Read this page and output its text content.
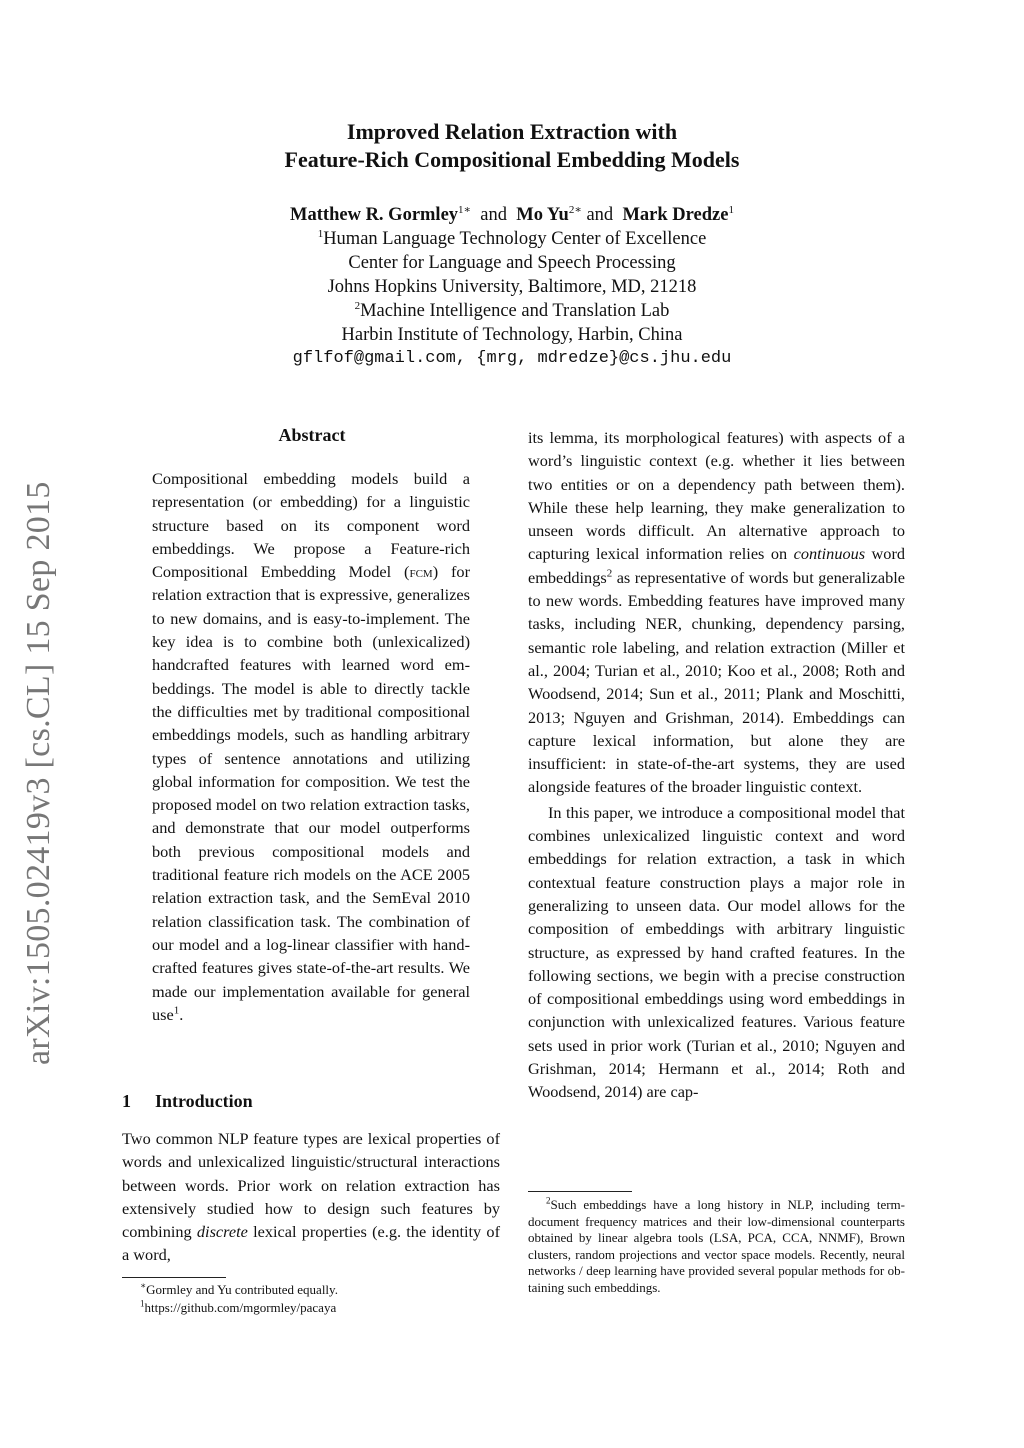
Improved Relation Extraction with
Feature-Rich Compositional Embedding Models
Matthew R. Gormley$^{1∗}$ and Mo $Yu^{2∗}$ and Mark Dredze$^1$
$^1$Human Language Technology Center of Excellence
Center for Language and Speech Processing
Johns Hopkins University, Baltimore, MD, 21218
$^2$Machine Intelligence and Translation Lab
Harbin Institute of Technology, Harbin, China
gflfof@gmail.com, {mrg, mdredze}@cs.jhu.edu
arXiv:1505.02419v3 [cs.CL] 15 Sep 2015
Abstract

Compositional embedding models build a representation (or embedding) for a linguistic structure based on its component word embeddings. We propose a Feature-rich Compositional Embedding Model (fcm) for relation extraction that is expressive, generalizes to new domains, and is easy-to-implement. The key idea is to combine both (unlexicalized) handcrafted features with learned word embeddings. The model is able to directly tackle the difficulties met by traditional compositional embeddings models, such as handling arbitrary types of sentence annotations and utilizing global information for composition. We test the proposed model on two relation extraction tasks, and demonstrate that our model outperforms both previous compositional models and traditional feature rich models on the ACE 2005 relation extraction task, and the SemEval 2010 relation classification task. The combination of our model and a log-linear classifier with hand-crafted features gives state-of-the-art results. We made our implementation available for general use$^1$.

1 Introduction

Two common NLP feature types are lexical properties of words and unlexicalized linguistic/structural interactions between words. Prior work on relation extraction has extensively studied how to design such features by combining discrete lexical properties (e.g. the identity of a word,

∗Gormley and Yu contributed equally.
$^1$https://github.com/mgormley/pacaya

its lemma, its morphological features) with aspects of a word’s linguistic context (e.g. whether it lies between two entities or on a dependency path between them). While these help learning, they make generalization to unseen words difficult. An alternative approach to capturing lexical information relies on continuous word embeddings$^2$ as representative of words but generalizable to new words. Embedding features have improved many tasks, including NER, chunking, dependency parsing, semantic role labeling, and relation extraction (Miller et al., 2004; Turian et al., 2010; Koo et al., 2008; Roth and Woodsend, 2014; Sun et al., 2011; Plank and Moschitti, 2013; Nguyen and Grishman, 2014). Embeddings can capture lexical information, but alone they are insufficient: in state-of-the-art systems, they are used alongside features of the broader linguistic context.

In this paper, we introduce a compositional model that combines unlexicalized linguistic context and word embeddings for relation extraction, a task in which contextual feature construction plays a major role in generalizing to unseen data. Our model allows for the composition of embeddings with arbitrary linguistic structure, as expressed by hand crafted features. In the following sections, we begin with a precise construction of compositional embeddings using word embeddings in conjunction with unlexicalized features. Various feature sets used in prior work (Turian et al., 2010; Nguyen and Grishman, 2014; Hermann et al., 2014; Roth and Woodsend, 2014) are cap-

$^2$Such embeddings have a long history in NLP, including term-document frequency matrices and their low-dimensional counterparts obtained by linear algebra tools (LSA, PCA, CCA, NNMF), Brown clusters, random projections and vector space models. Recently, neural networks / deep learning have provided several popular methods for obtaining such embeddings.
